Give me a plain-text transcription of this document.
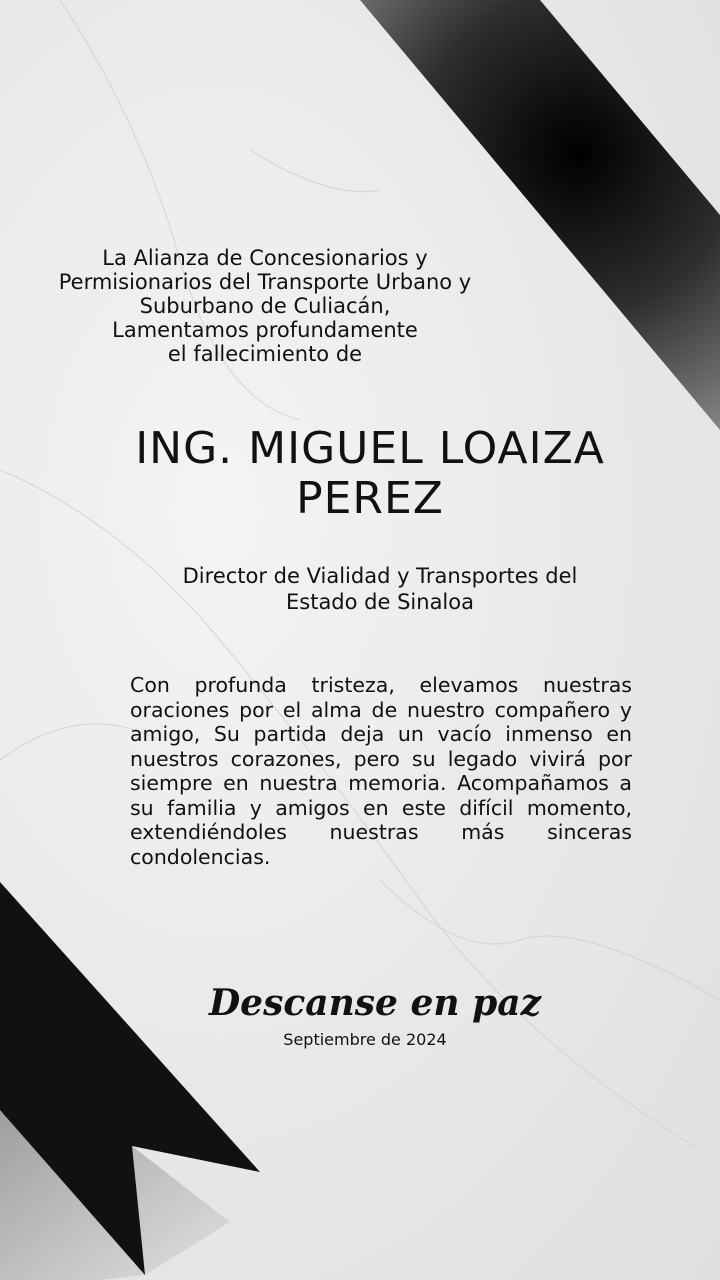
La Alianza de Concesionarios y
Permisionarios del Transporte Urbano y
Suburbano de Culiacán,
Lamentamos profundamente
el fallecimiento de
ING. MIGUEL LOAIZA
PEREZ
Director de Vialidad y Transportes del
Estado de Sinaloa
Con profunda tristeza, elevamos nuestras oraciones por el alma de nuestro compañero y amigo, Su partida deja un vacío inmenso en nuestros corazones, pero su legado vivirá por siempre en nuestra memoria. Acompañamos a su familia y amigos en este difícil momento, extendiéndoles nuestras más sinceras condolencias.
Descanse en paz
Septiembre de 2024
